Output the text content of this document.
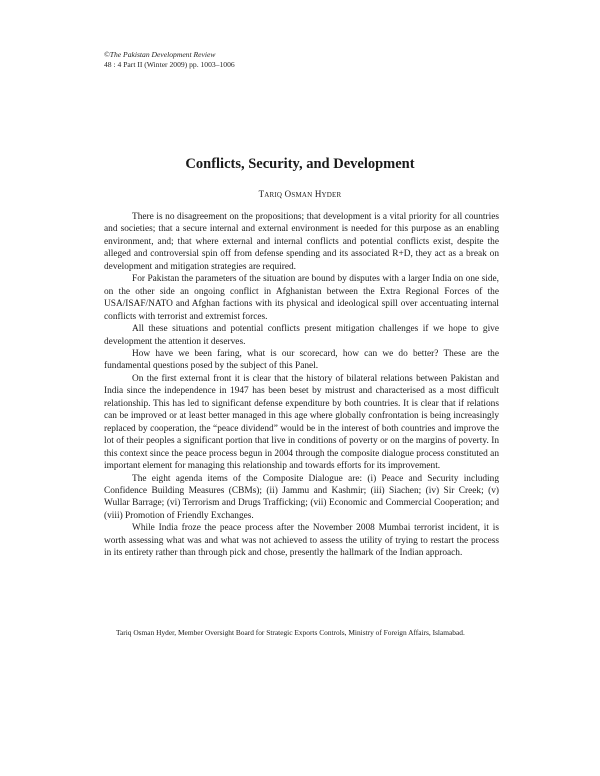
©The Pakistan Development Review
48 : 4 Part II (Winter 2009) pp. 1003–1006
Conflicts, Security, and Development
TARIQ OSMAN HYDER

There is no disagreement on the propositions; that development is a vital priority for all countries and societies; that a secure internal and external environment is needed for this purpose as an enabling environment, and; that where external and internal conflicts and potential conflicts exist, despite the alleged and controversial spin off from defense spending and its associated R+D, they act as a break on development and mitigation strategies are required.

For Pakistan the parameters of the situation are bound by disputes with a larger India on one side, on the other side an ongoing conflict in Afghanistan between the Extra Regional Forces of the USA/ISAF/NATO and Afghan factions with its physical and ideological spill over accentuating internal conflicts with terrorist and extremist forces.

All these situations and potential conflicts present mitigation challenges if we hope to give development the attention it deserves.

How have we been faring, what is our scorecard, how can we do better? These are the fundamental questions posed by the subject of this Panel.

On the first external front it is clear that the history of bilateral relations between Pakistan and India since the independence in 1947 has been beset by mistrust and characterised as a most difficult relationship. This has led to significant defense expenditure by both countries. It is clear that if relations can be improved or at least better managed in this age where globally confrontation is being increasingly replaced by cooperation, the “peace dividend” would be in the interest of both countries and improve the lot of their peoples a significant portion that live in conditions of poverty or on the margins of poverty. In this context since the peace process begun in 2004 through the composite dialogue process constituted an important element for managing this relationship and towards efforts for its improvement.

The eight agenda items of the Composite Dialogue are: (i) Peace and Security including Confidence Building Measures (CBMs); (ii) Jammu and Kashmir; (iii) Siachen; (iv) Sir Creek; (v) Wullar Barrage; (vi) Terrorism and Drugs Trafficking; (vii) Economic and Commercial Cooperation; and (viii) Promotion of Friendly Exchanges.

While India froze the peace process after the November 2008 Mumbai terrorist incident, it is worth assessing what was and what was not achieved to assess the utility of trying to restart the process in its entirety rather than through pick and chose, presently the hallmark of the Indian approach.

Tariq Osman Hyder, Member Oversight Board for Strategic Exports Controls, Ministry of Foreign Affairs, Islamabad.
